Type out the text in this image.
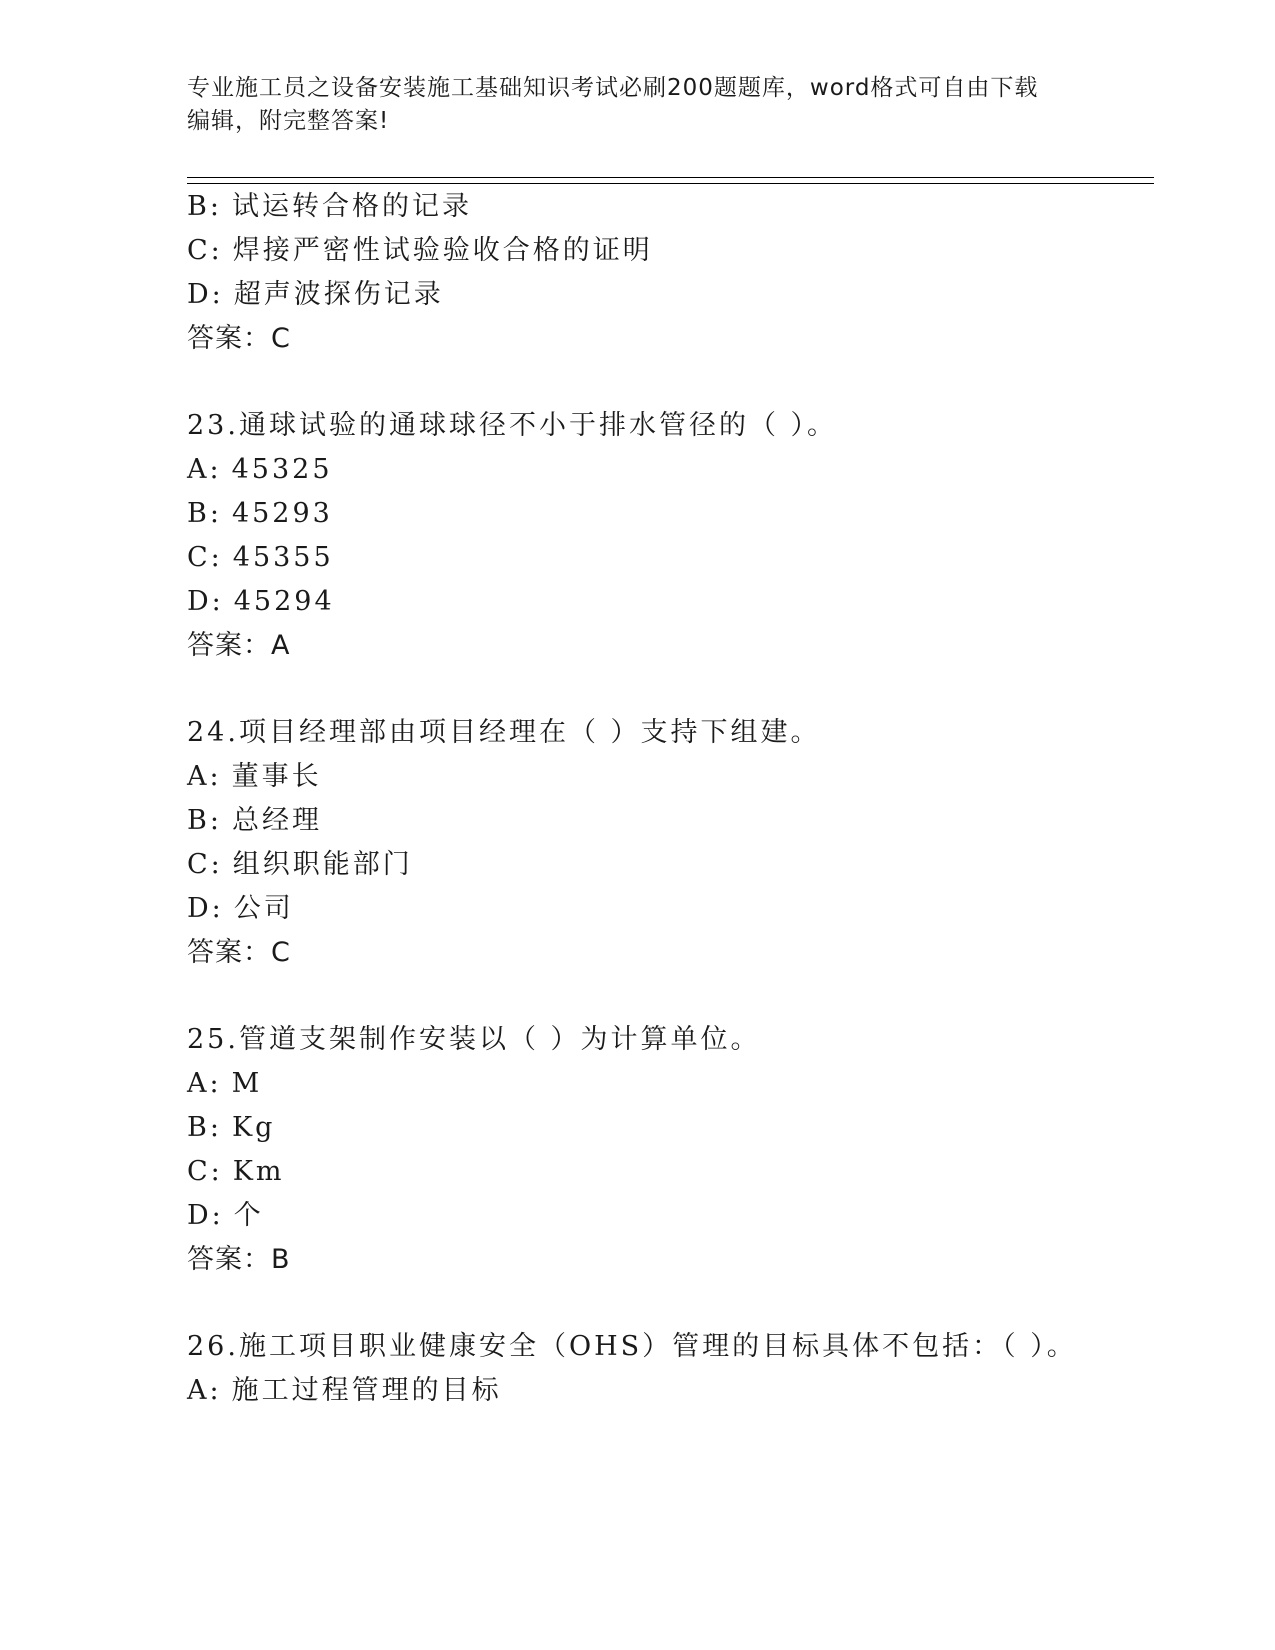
专业施工员之设备安装施工基础知识考试必刷200题题库，word格式可自由下载
编辑，附完整答案!
B: 试运转合格的记录
C: 焊接严密性试验验收合格的证明
D: 超声波探伤记录
答案：C
23.通球试验的通球球径不小于排水管径的（ ）。
A: 45325
B: 45293
C: 45355
D: 45294
答案：A
24.项目经理部由项目经理在（ ）支持下组建。
A: 董事长
B: 总经理
C: 组织职能部门
D: 公司
答案：C
25.管道支架制作安装以（ ）为计算单位。
A: M
B: Kg
C: Km
D: 个
答案：B
26.施工项目职业健康安全（OHS）管理的目标具体不包括：（ ）。
A: 施工过程管理的目标
